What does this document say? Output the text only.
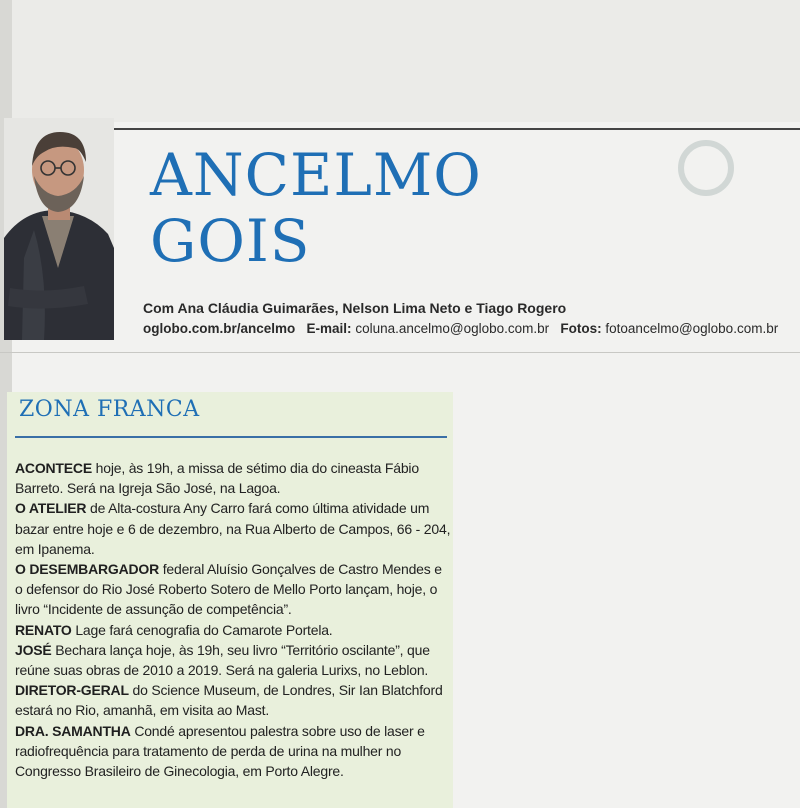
ANCELMO
GOIS
Com Ana Cláudia Guimarães, Nelson Lima Neto e Tiago Rogero
oglobo.com.br/ancelmo E-mail: coluna.ancelmo@oglobo.com.br Fotos: fotoancelmo@oglobo.com.br
ZONA FRANCA

ACONTECE hoje, às 19h, a missa de sétimo dia do cineasta Fábio Barreto. Será na Igreja São José, na Lagoa.

O ATELIER de Alta-costura Any Carro fará como última atividade um bazar entre hoje e 6 de dezembro, na Rua Alberto de Campos, 66 - 204, em Ipanema.

O DESEMBARGADOR federal Aluísio Gonçalves de Castro Mendes e o defensor do Rio José Roberto Sotero de Mello Porto lançam, hoje, o livro “Incidente de assunção de competência”.

RENATO Lage fará cenografia do Camarote Portela.

JOSÉ Bechara lança hoje, às 19h, seu livro “Território oscilante”, que reúne suas obras de 2010 a 2019. Será na galeria Lurixs, no Leblon.

DIRETOR-GERAL do Science Museum, de Londres, Sir Ian Blatchford estará no Rio, amanhã, em visita ao Mast.

DRA. SAMANTHA Condé apresentou palestra sobre uso de laser e radiofrequência para tratamento de perda de urina na mulher no Congresso Brasileiro de Ginecologia, em Porto Alegre.
